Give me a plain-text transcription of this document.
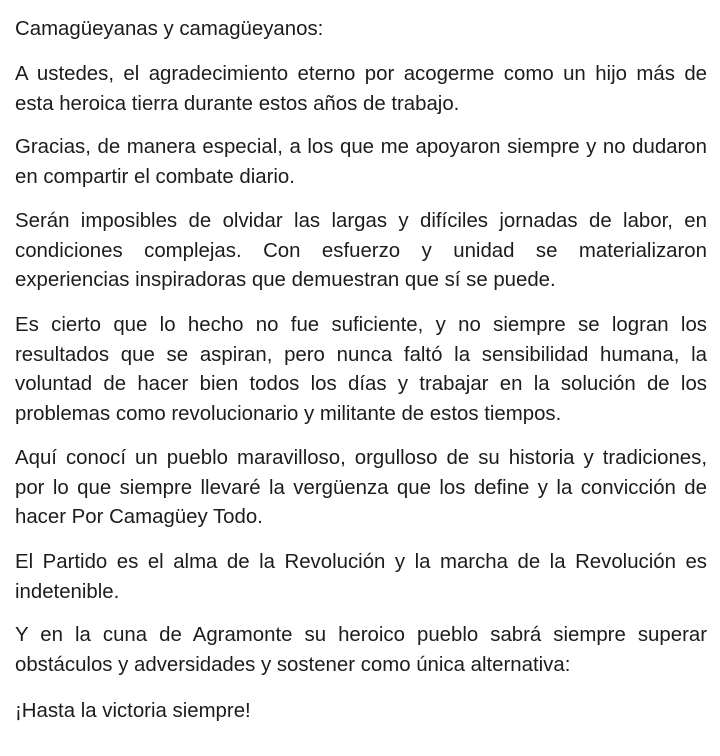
Camagüeyanas y camagüeyanos:

A ustedes, el agradecimiento eterno por acogerme como un hijo más de esta heroica tierra durante estos años de trabajo.

Gracias, de manera especial, a los que me apoyaron siempre y no dudaron en compartir el combate diario.

Serán imposibles de olvidar las largas y difíciles jornadas de labor, en condiciones complejas. Con esfuerzo y unidad se materializaron experiencias inspiradoras que demuestran que sí se puede.

Es cierto que lo hecho no fue suficiente, y no siempre se logran los resultados que se aspiran, pero nunca faltó la sensibilidad humana, la voluntad de hacer bien todos los días y trabajar en la solución de los problemas como revolucionario y militante de estos tiempos.

Aquí conocí un pueblo maravilloso, orgulloso de su historia y tradiciones, por lo que siempre llevaré la vergüenza que los define y la convicción de hacer Por Camagüey Todo.

El Partido es el alma de la Revolución y la marcha de la Revolución es indetenible.

Y en la cuna de Agramonte su heroico pueblo sabrá siempre superar obstáculos y adversidades y sostener como única alternativa:

¡Hasta la victoria siempre!
